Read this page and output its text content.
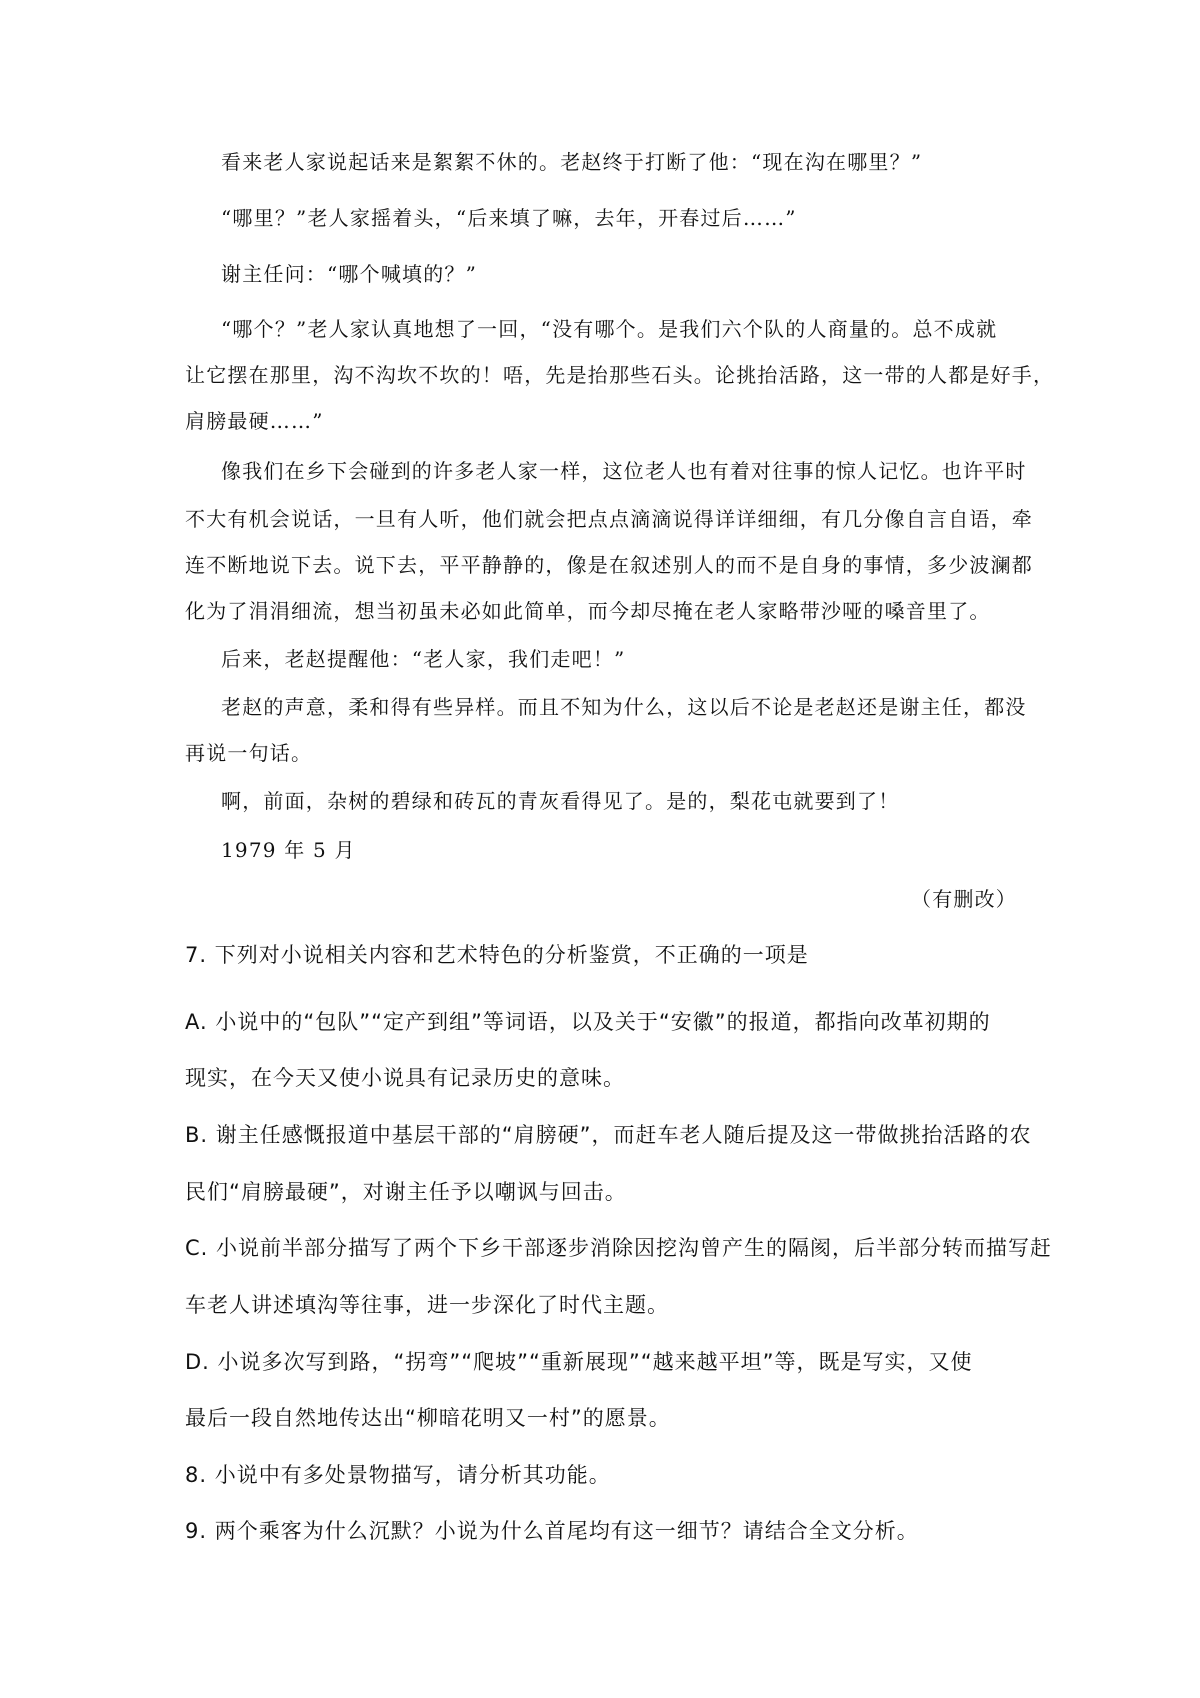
看来老人家说起话来是絮絮不休的。老赵终于打断了他：“现在沟在哪里？”
“哪里？”老人家摇着头，“后来填了嘛，去年，开春过后……”
谢主任问：“哪个喊填的？”
“哪个？”老人家认真地想了一回，“没有哪个。是我们六个队的人商量的。总不成就
让它摆在那里，沟不沟坎不坎的！唔，先是抬那些石头。论挑抬活路，这一带的人都是好手，
肩膀最硬……”
像我们在乡下会碰到的许多老人家一样，这位老人也有着对往事的惊人记忆。也许平时
不大有机会说话，一旦有人听，他们就会把点点滴滴说得详详细细，有几分像自言自语，牵
连不断地说下去。说下去，平平静静的，像是在叙述别人的而不是自身的事情，多少波澜都
化为了涓涓细流，想当初虽未必如此简单，而今却尽掩在老人家略带沙哑的嗓音里了。
后来，老赵提醒他：“老人家，我们走吧！”
老赵的声意，柔和得有些异样。而且不知为什么，这以后不论是老赵还是谢主任，都没
再说一句话。
啊，前面，杂树的碧绿和砖瓦的青灰看得见了。是的，梨花屯就要到了！
1979 年 5 月
（有删改）
7. 下列对小说相关内容和艺术特色的分析鉴赏，不正确的一项是
A. 小说中的“包队”“定产到组”等词语，以及关于“安徽”的报道，都指向改革初期的
现实，在今天又使小说具有记录历史的意味。
B. 谢主任感慨报道中基层干部的“肩膀硬”，而赶车老人随后提及这一带做挑抬活路的农
民们“肩膀最硬”，对谢主任予以嘲讽与回击。
C. 小说前半部分描写了两个下乡干部逐步消除因挖沟曾产生的隔阂，后半部分转而描写赶
车老人讲述填沟等往事，进一步深化了时代主题。
D. 小说多次写到路，“拐弯”“爬坡”“重新展现”“越来越平坦”等，既是写实，又使
最后一段自然地传达出“柳暗花明又一村”的愿景。
8. 小说中有多处景物描写，请分析其功能。
9. 两个乘客为什么沉默？小说为什么首尾均有这一细节？请结合全文分析。
